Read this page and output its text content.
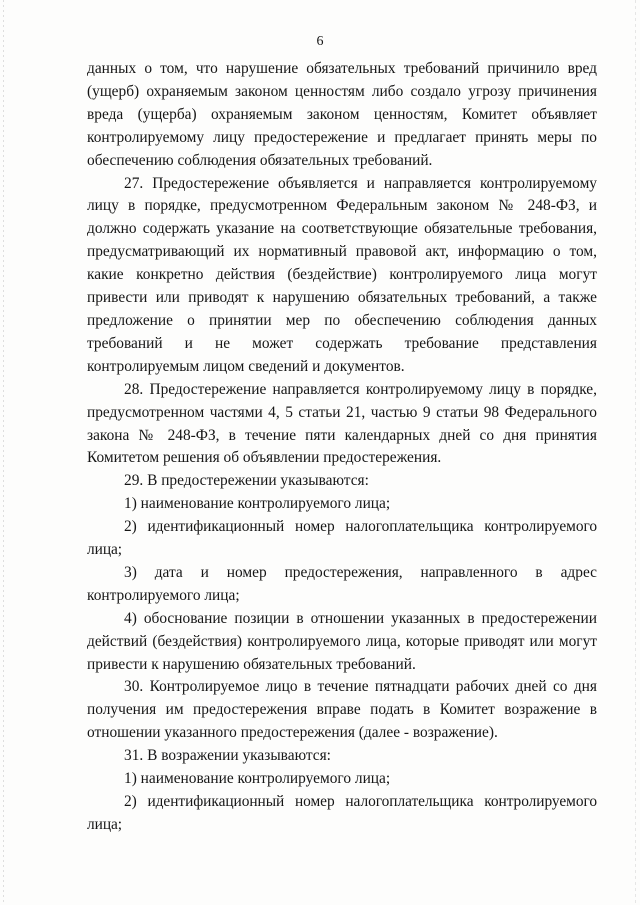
6

данных о том, что нарушение обязательных требований причинило вред (ущерб) охраняемым законом ценностям либо создало угрозу причинения вреда (ущерба) охраняемым законом ценностям, Комитет объявляет контролируемому лицу предостережение и предлагает принять меры по обеспечению соблюдения обязательных требований.

27. Предостережение объявляется и направляется контролируемому лицу в порядке, предусмотренном Федеральным законом № 248-ФЗ, и должно содержать указание на соответствующие обязательные требования, предусматривающий их нормативный правовой акт, информацию о том, какие конкретно действия (бездействие) контролируемого лица могут привести или приводят к нарушению обязательных требований, а также предложение о принятии мер по обеспечению соблюдения данных требований и не может содержать требование представления контролируемым лицом сведений и документов.

28. Предостережение направляется контролируемому лицу в порядке, предусмотренном частями 4, 5 статьи 21, частью 9 статьи 98 Федерального закона № 248-ФЗ, в течение пяти календарных дней со дня принятия Комитетом решения об объявлении предостережения.

29. В предостережении указываются:

1) наименование контролируемого лица;

2) идентификационный номер налогоплательщика контролируемого лица;

3) дата и номер предостережения, направленного в адрес контролируемого лица;

4) обоснование позиции в отношении указанных в предостережении действий (бездействия) контролируемого лица, которые приводят или могут привести к нарушению обязательных требований.

30. Контролируемое лицо в течение пятнадцати рабочих дней со дня получения им предостережения вправе подать в Комитет возражение в отношении указанного предостережения (далее - возражение).

31. В возражении указываются:

1) наименование контролируемого лица;

2) идентификационный номер налогоплательщика контролируемого лица;
